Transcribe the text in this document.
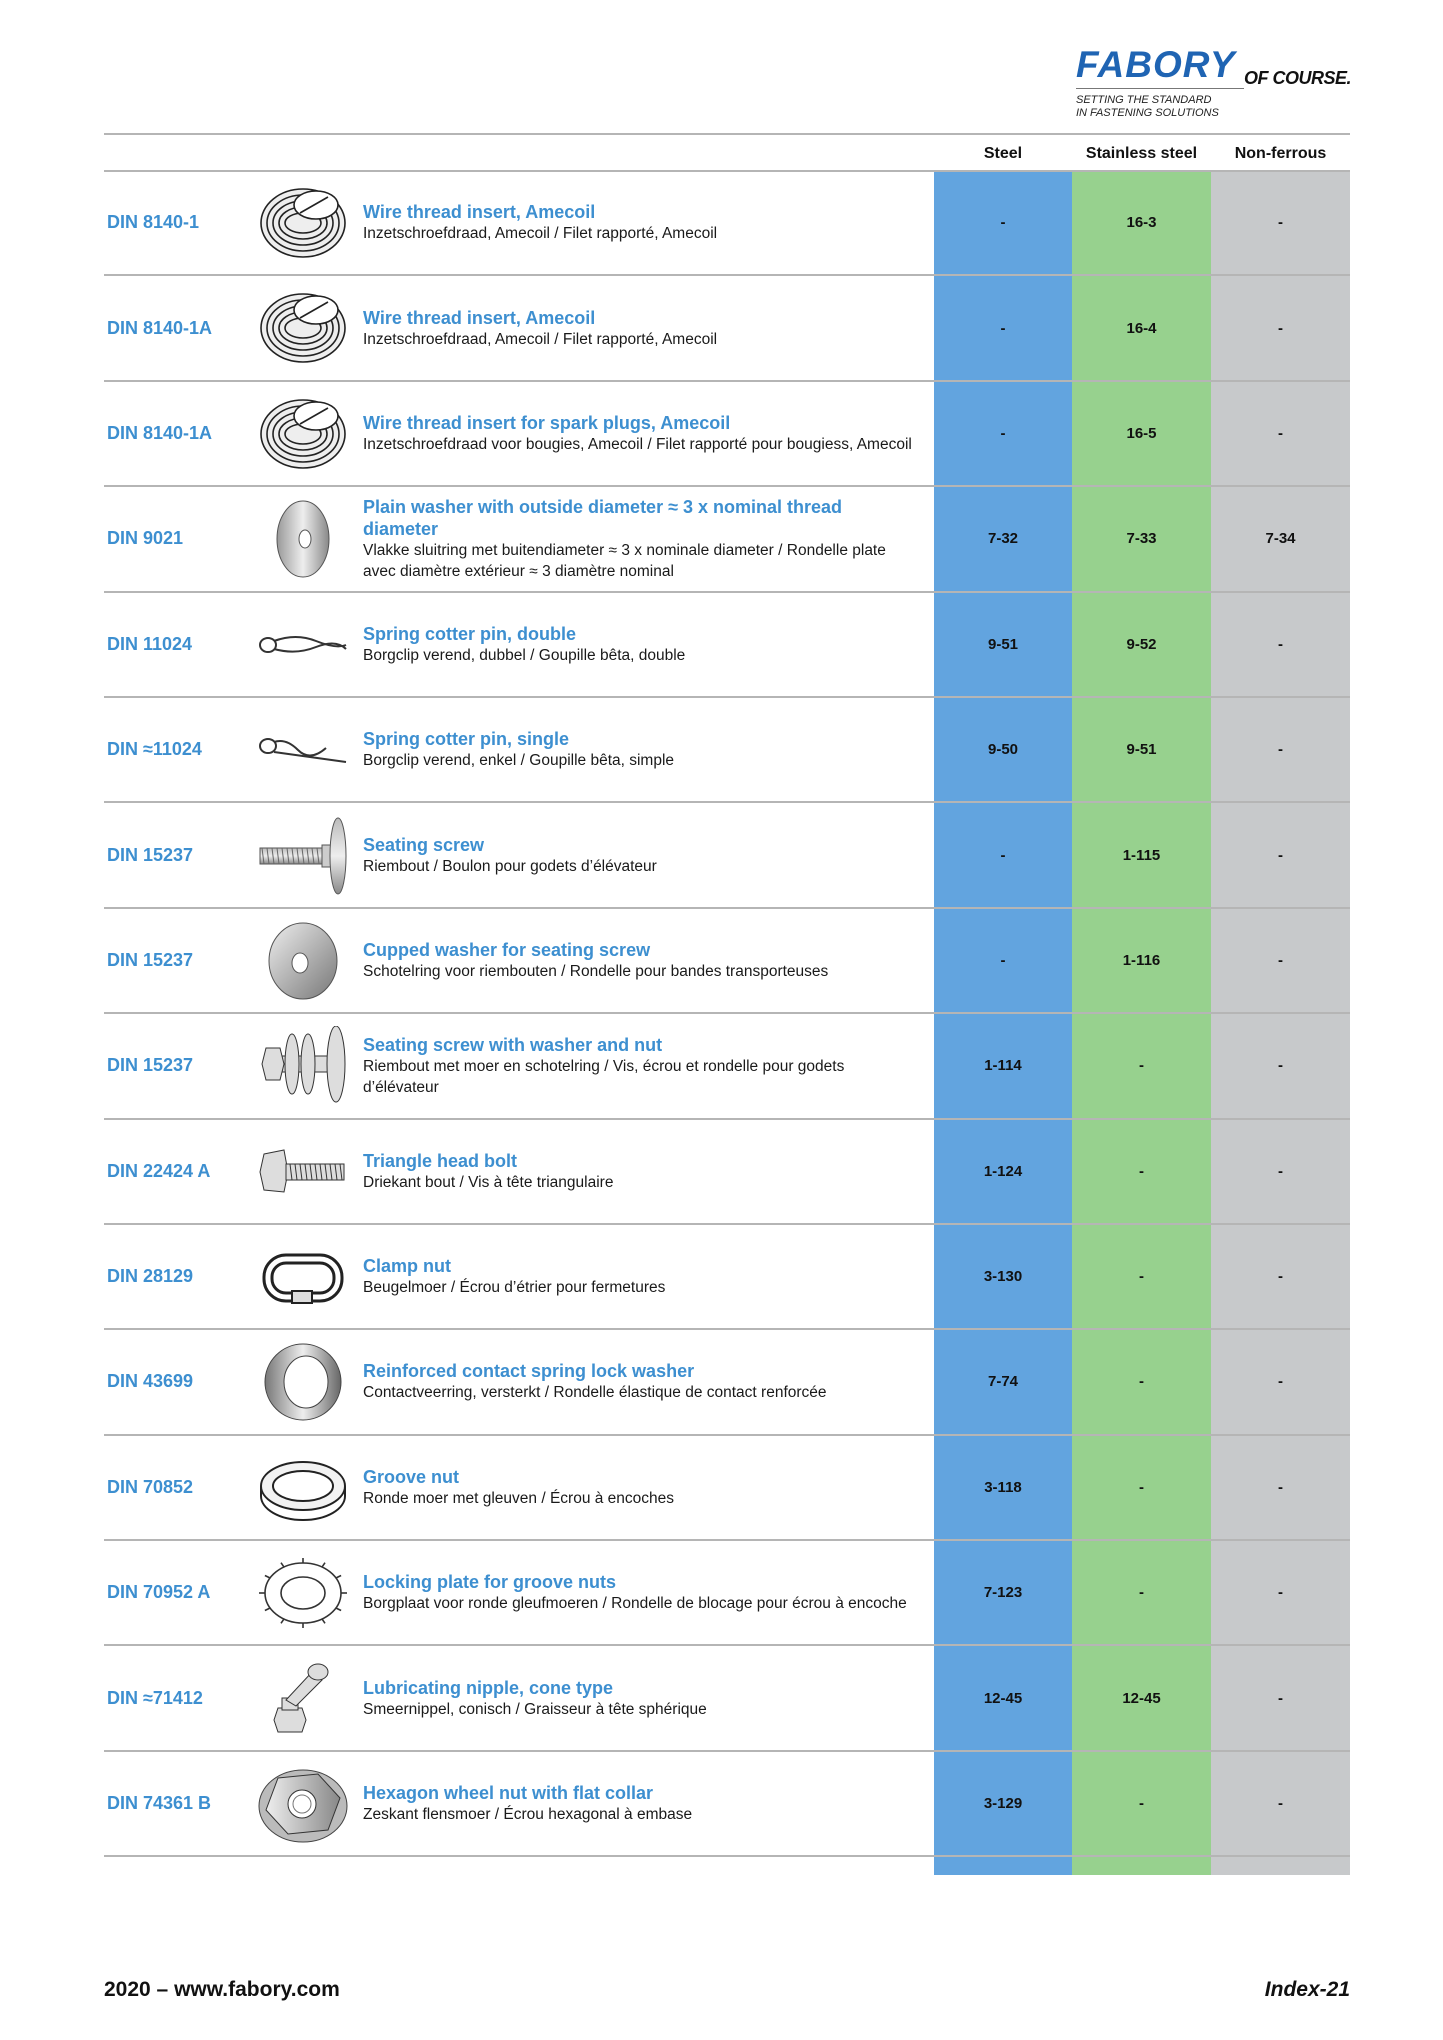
FABORY OF COURSE.
SETTING THE STANDARD
IN FASTENING SOLUTIONS
Steel	Stainless steel	Non-ferrous
DIN 8140-1	Wire thread insert, Amecoil
Inzetschroefdraad, Amecoil / Filet rapporté, Amecoil
-	16-3	-
DIN 8140-1A	Wire thread insert, Amecoil
Inzetschroefdraad, Amecoil / Filet rapporté, Amecoil
-	16-4	-
DIN 8140-1A	Wire thread insert for spark plugs, Amecoil
Inzetschroefdraad voor bougies, Amecoil / Filet rapporté pour bougiess, Amecoil
-	16-5	-
DIN 9021
Plain washer with outside diameter ≈ 3 x nominal thread diameter
Vlakke sluitring met buitendiameter ≈ 3 x nominale diameter / Rondelle plate avec diamètre extérieur ≈ 3 diamètre nominal
7-32	7-33	7-34
DIN 11024	Spring cotter pin, double
Borgclip verend, dubbel / Goupille bêta, double
9-51	9-52	-
DIN ≈11024	Spring cotter pin, single
Borgclip verend, enkel / Goupille bêta, simple
9-50	9-51	-
DIN 15237	Seating screw
Riembout / Boulon pour godets d’élévateur
-	1-115	-
DIN 15237	Cupped washer for seating screw
Schotelring voor riembouten / Rondelle pour bandes transporteuses
-	1-116	-
DIN 15237
Seating screw with washer and nut
Riembout met moer en schotelring / Vis, écrou et rondelle pour godets d’élévateur
1-114	-	-
DIN 22424 A	Triangle head bolt
Driekant bout / Vis à tête triangulaire
1-124	-	-
DIN 28129	Clamp nut
Beugelmoer / Écrou d’étrier pour fermetures
3-130	-	-
DIN 43699	Reinforced contact spring lock washer
Contactveerring, versterkt / Rondelle élastique de contact renforcée
7-74	-	-
DIN 70852	Groove nut
Ronde moer met gleuven / Écrou à encoches
3-118	-	-
DIN 70952 A	Locking plate for groove nuts
Borgplaat voor ronde gleufmoeren / Rondelle de blocage pour écrou à encoche
7-123	-	-
DIN ≈71412	Lubricating nipple, cone type
Smeernippel, conisch / Graisseur à tête sphérique
12-45	12-45	-
DIN 74361 B	Hexagon wheel nut with flat collar
Zeskant flensmoer / Écrou hexagonal à embase
3-129	-	-
2020 – www.fabory.com	Index-21
